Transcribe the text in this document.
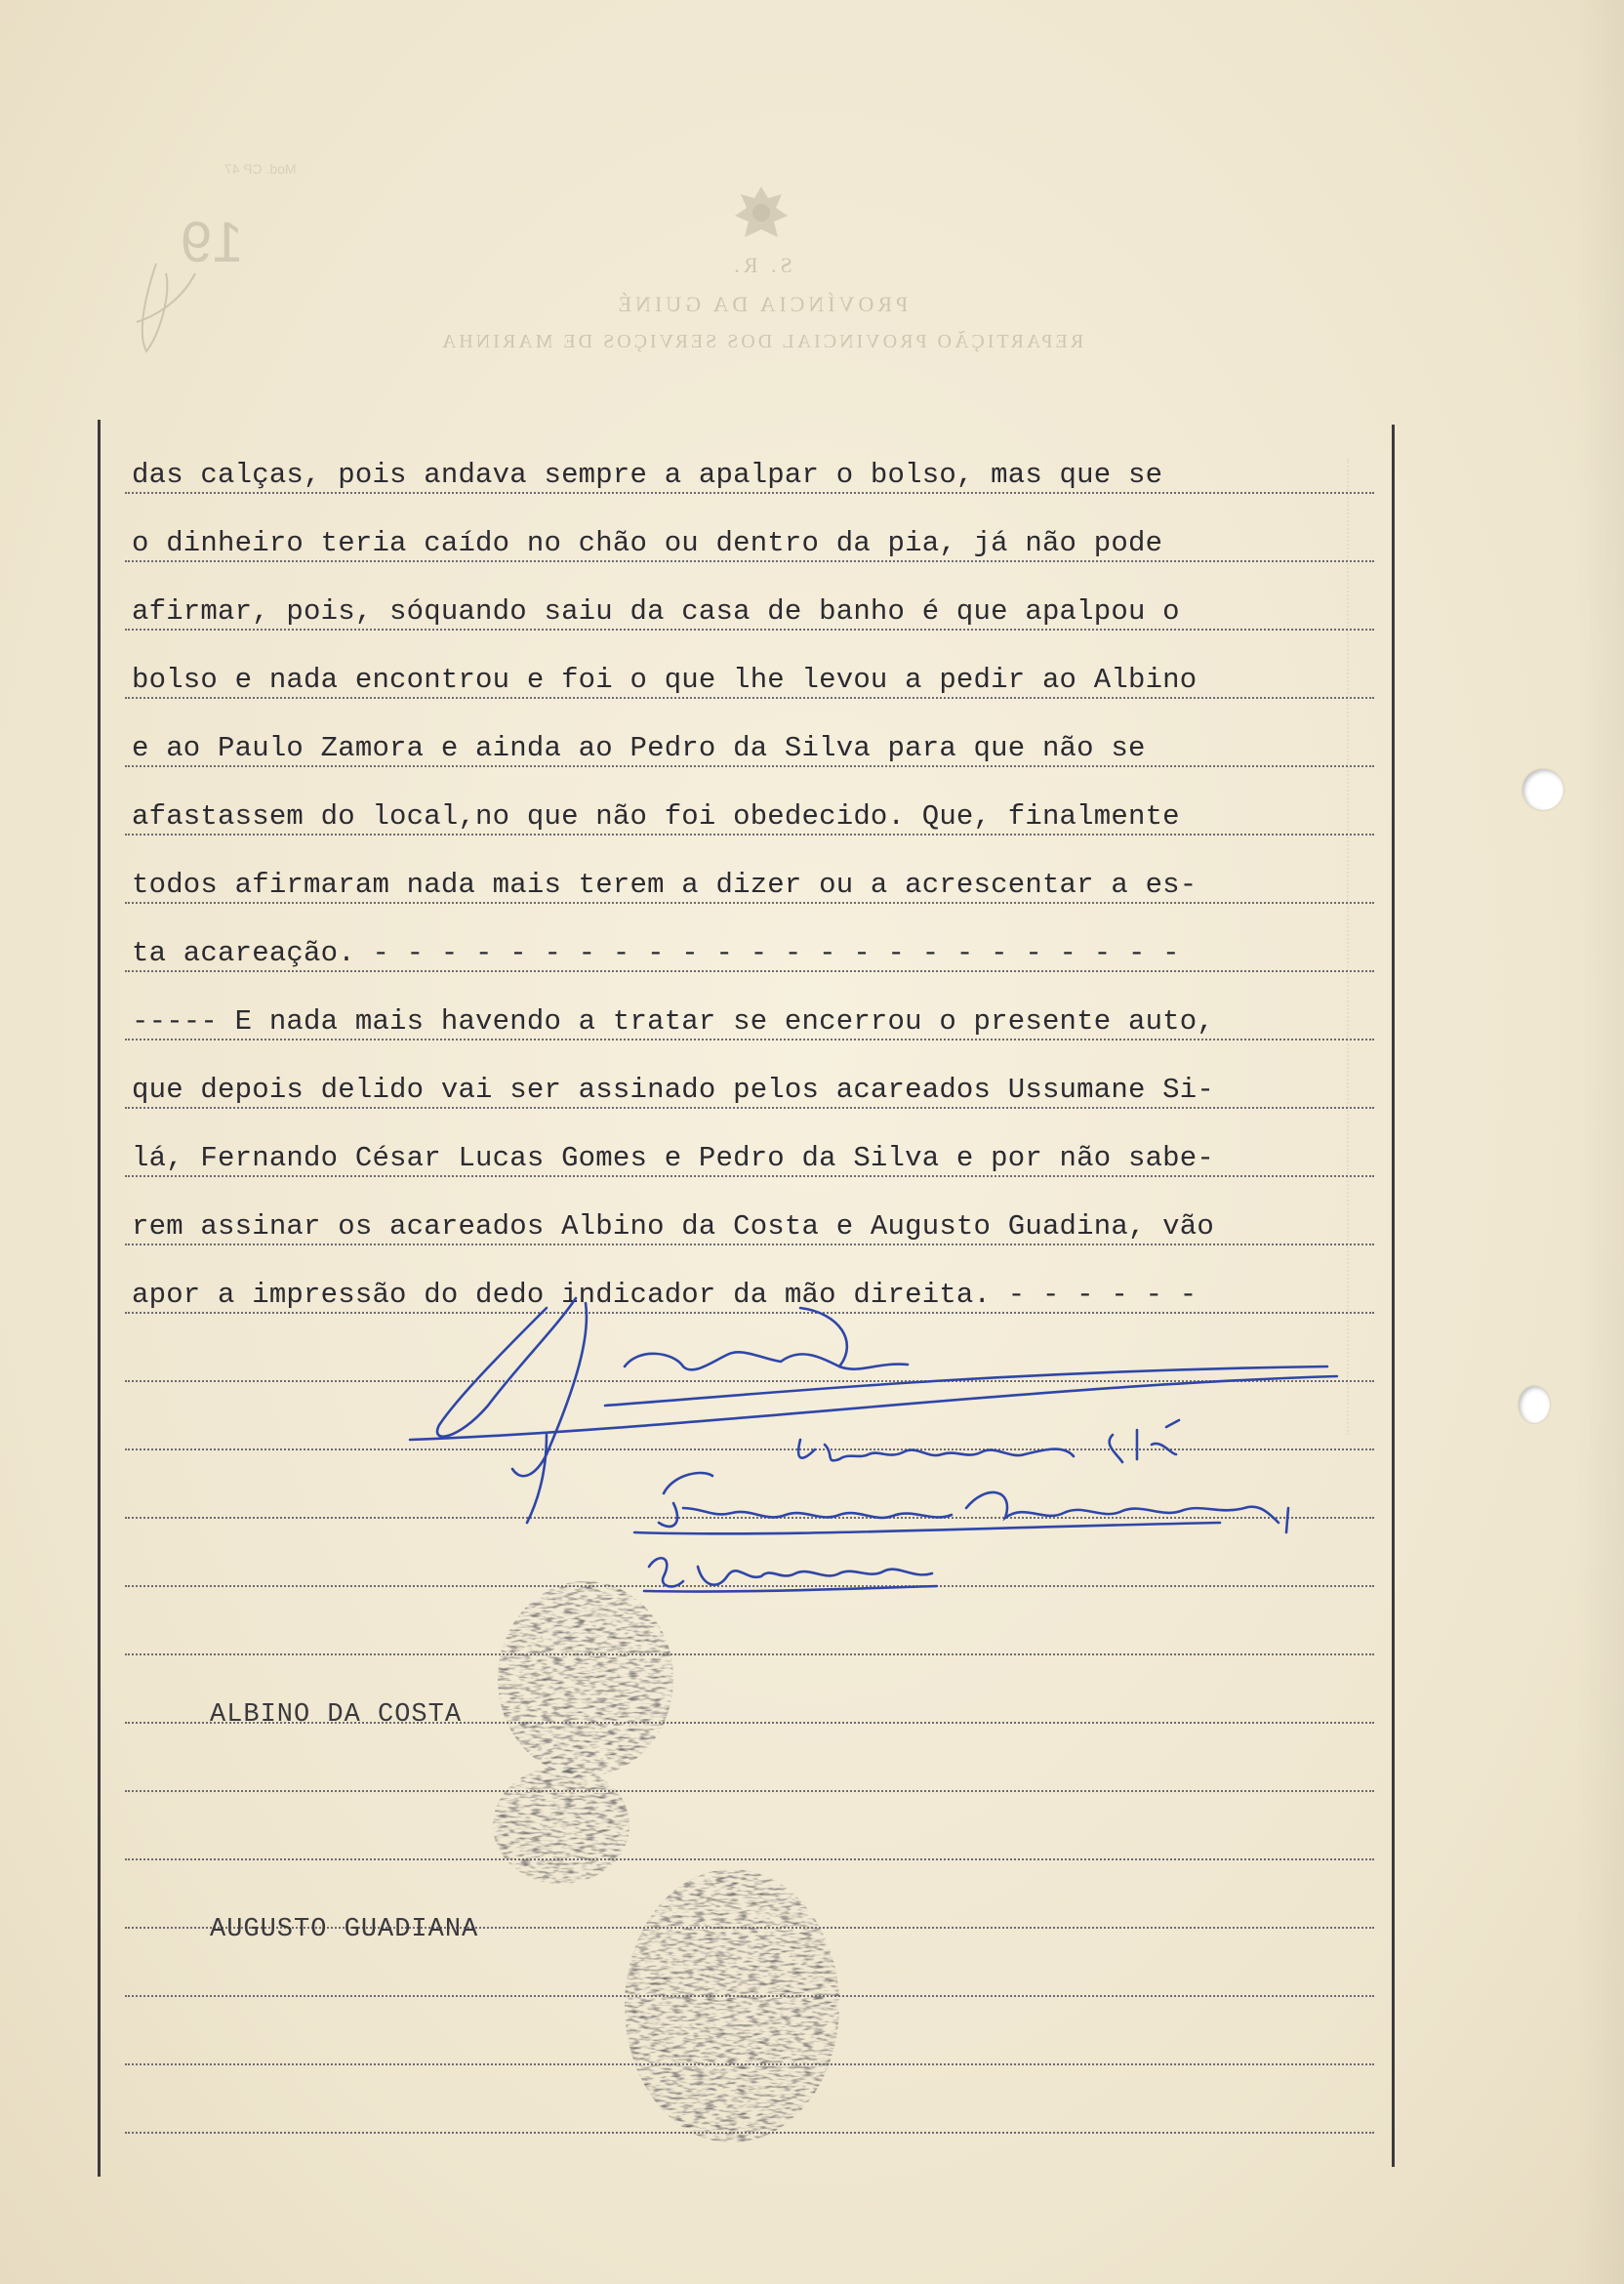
Mod. CP 47
19	S. R.
PROVÍNCIA DA GUINÉ
REPARTIÇÃO PROVINCIAL DOS SERVIÇOS DE MARINHA
das calças, pois andava sempre a apalpar o bolso, mas que se
o dinheiro teria caído no chão ou dentro da pia, já não pode
afirmar, pois, sóquando saiu da casa de banho é que apalpou o
bolso e nada encontrou e foi o que lhe levou a pedir ao Albino
e ao Paulo Zamora e ainda ao Pedro da Silva para que não se
afastassem do local,no que não foi obedecido. Que, finalmente
todos afirmaram nada mais terem a dizer ou a acrescentar a es-
ta acareação. - - - - - - - - - - - - - - - - - - - - - - - -
----- E nada mais havendo a tratar se encerrou o presente auto,
que depois delido vai ser assinado pelos acareados Ussumane Si-
lá, Fernando César Lucas Gomes e Pedro da Silva e por não sabe-
rem assinar os acareados Albino da Costa e Augusto Guadina, vão
apor a impressão do dedo indicador da mão direita. - - - - - -
ALBINO DA COSTA
AUGUSTO GUADIANA
